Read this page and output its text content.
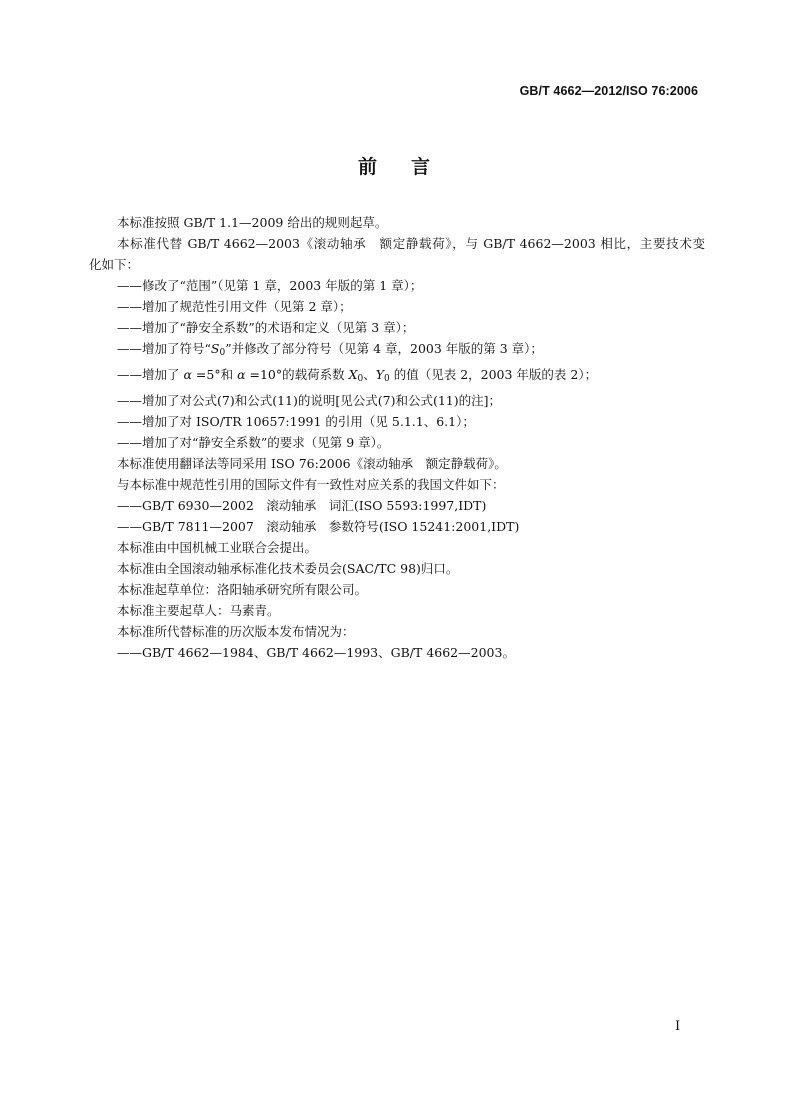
GB/T 4662—2012/ISO 76:2006
前 言

本标准按照 GB/T 1.1—2009 给出的规则起草。

本标准代替 GB/T 4662—2003《滚动轴承　额定静载荷》，与 GB/T 4662—2003 相比，主要技术变

化如下：

——修改了“范围”（见第 1 章，2003 年版的第 1 章）；

——增加了规范性引用文件（见第 2 章）；

——增加了“静安全系数”的术语和定义（见第 3 章）；

——增加了符号“$S_0$”并修改了部分符号（见第 4 章，2003 年版的第 3 章）；

——增加了 α =5°和 α =10°的载荷系数 $X_0$、$Y_0$ 的值（见表 2，2003 年版的表 2）；

——增加了对公式(7)和公式(11)的说明[见公式(7)和公式(11)的注]；

——增加了对 ISO/TR 10657:1991 的引用（见 5.1.1、6.1）；

——增加了对“静安全系数”的要求（见第 9 章）。

本标准使用翻译法等同采用 ISO 76:2006《滚动轴承　额定静载荷》。

与本标准中规范性引用的国际文件有一致性对应关系的我国文件如下：

——GB/T 6930—2002　滚动轴承　词汇(ISO 5593:1997,IDT)

——GB/T 7811—2007　滚动轴承　参数符号(ISO 15241:2001,IDT)

本标准由中国机械工业联合会提出。

本标准由全国滚动轴承标准化技术委员会(SAC/TC 98)归口。

本标准起草单位：洛阳轴承研究所有限公司。

本标准主要起草人：马素青。

本标准所代替标准的历次版本发布情况为：

——GB/T 4662—1984、GB/T 4662—1993、GB/T 4662—2003。

I
